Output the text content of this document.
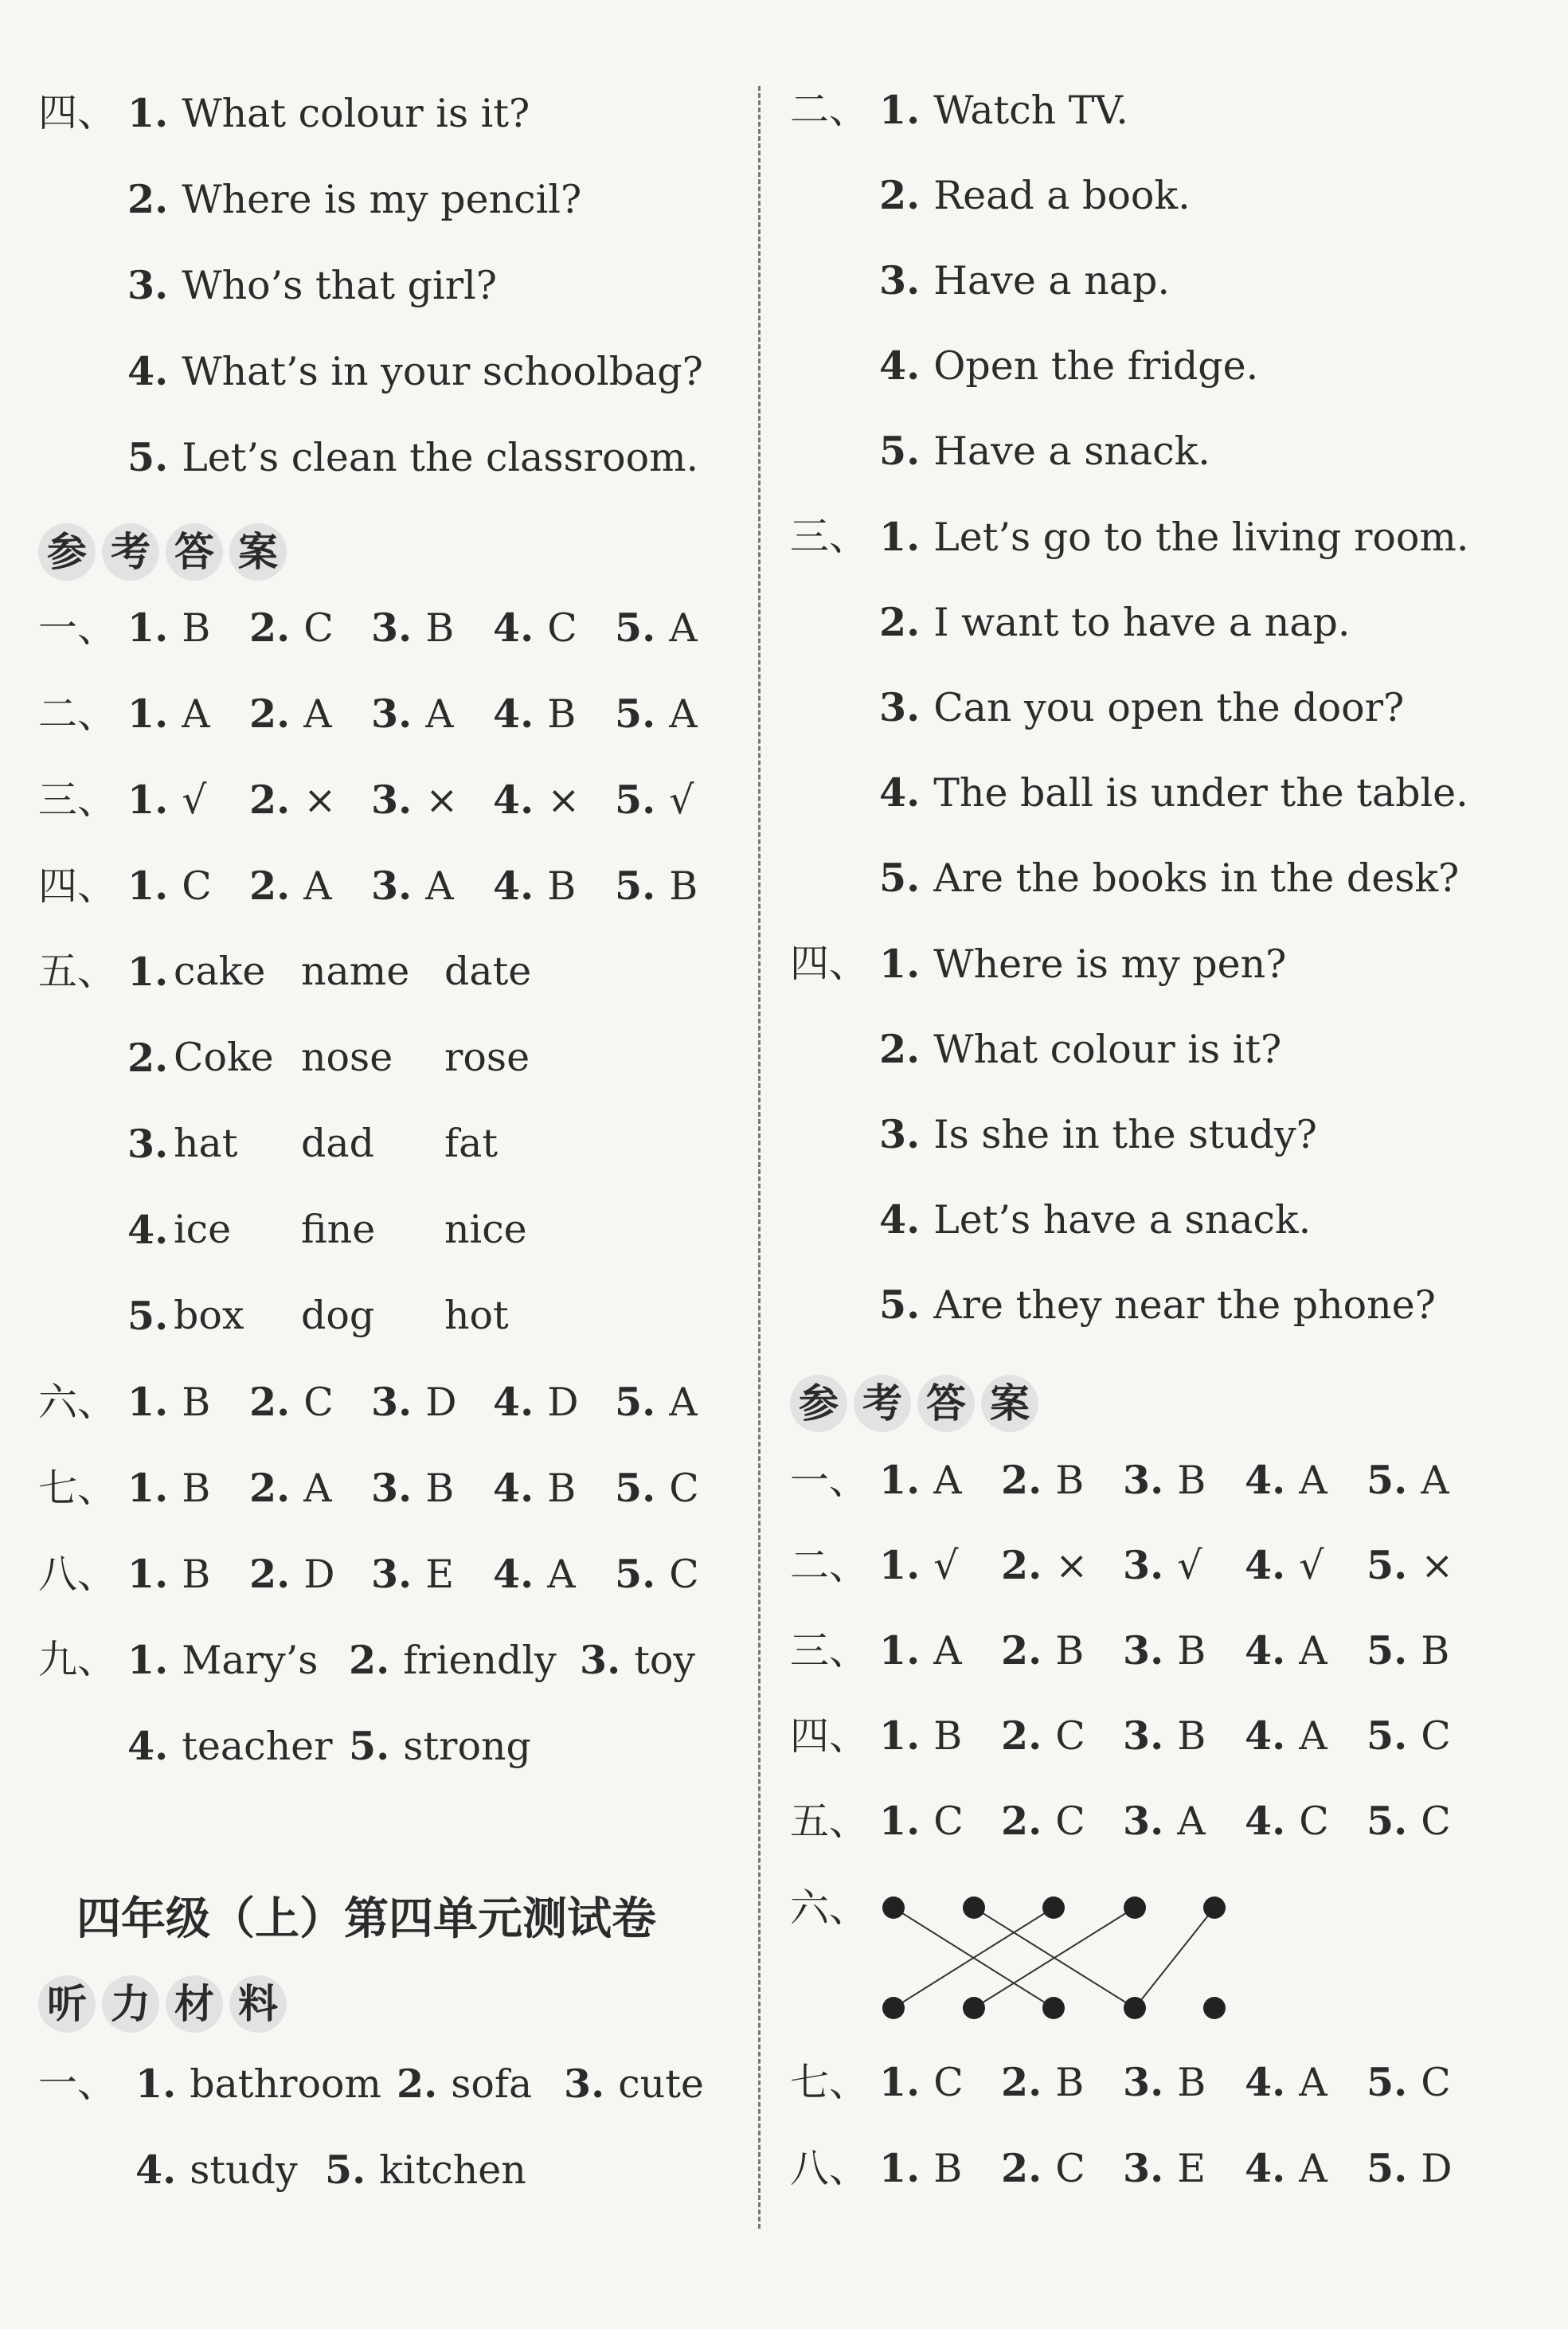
四、 1. What colour is it?
2. Where is my pencil?
3. Who’s that girl?
4. What’s in your schoolbag?
5. Let’s clean the classroom.
参 考 答 案
一、 1. B 2. C 3. B 4. C 5. A
二、 1. A 2. A 3. A 4. B 5. A
三、 1. √ 2. × 3. × 4. × 5. √
四、 1. C 2. A 3. A 4. B 5. B
五、 1. cake name date
2. Coke nose rose
3. hat dad fat
4. ice fine nice
5. box dog hot
六、 1. B 2. C 3. D 4. D 5. A
七、 1. B 2. A 3. B 4. B 5. C
八、 1. B 2. D 3. E 4. A 5. C
九、 1. Mary’s 2. friendly 3. toy
4. teacher 5. strong
四年级（上）第四单元测试卷
听 力 材 料
一、 1. bathroom 2. sofa 3. cute
4. study 5. kitchen
二、 1. Watch TV.
2. Read a book.
3. Have a nap.
4. Open the fridge.
5. Have a snack.
三、 1. Let’s go to the living room.
2. I want to have a nap.
3. Can you open the door?
4. The ball is under the table.
5. Are the books in the desk?
四、 1. Where is my pen?
2. What colour is it?
3. Is she in the study?
4. Let’s have a snack.
5. Are they near the phone?
参 考 答 案
一、 1. A 2. B 3. B 4. A 5. A
二、 1. √ 2. × 3. √ 4. √ 5. ×
三、 1. A 2. B 3. B 4. A 5. B
四、 1. B 2. C 3. B 4. A 5. C
五、 1. C 2. C 3. A 4. C 5. C
六、
七、 1. C 2. B 3. B 4. A 5. C
八、 1. B 2. C 3. E 4. A 5. D
